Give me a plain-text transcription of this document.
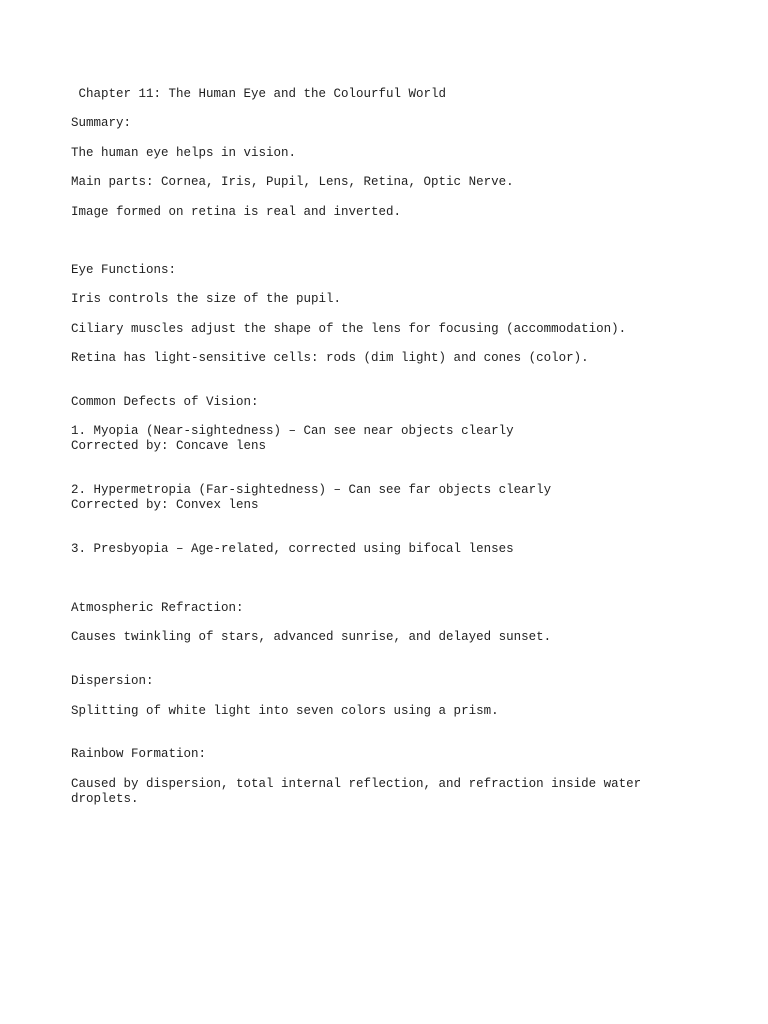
Chapter 11: The Human Eye and the Colourful World
Summary:
The human eye helps in vision.
Main parts: Cornea, Iris, Pupil, Lens, Retina, Optic Nerve.
Image formed on retina is real and inverted.
Eye Functions:
Iris controls the size of the pupil.
Ciliary muscles adjust the shape of the lens for focusing (accommodation).
Retina has light-sensitive cells: rods (dim light) and cones (color).
Common Defects of Vision:
1. Myopia (Near-sightedness) – Can see near objects clearly
Corrected by: Concave lens
2. Hypermetropia (Far-sightedness) – Can see far objects clearly
Corrected by: Convex lens
3. Presbyopia – Age-related, corrected using bifocal lenses
Atmospheric Refraction:
Causes twinkling of stars, advanced sunrise, and delayed sunset.
Dispersion:
Splitting of white light into seven colors using a prism.
Rainbow Formation:
Caused by dispersion, total internal reflection, and refraction inside water
droplets.
